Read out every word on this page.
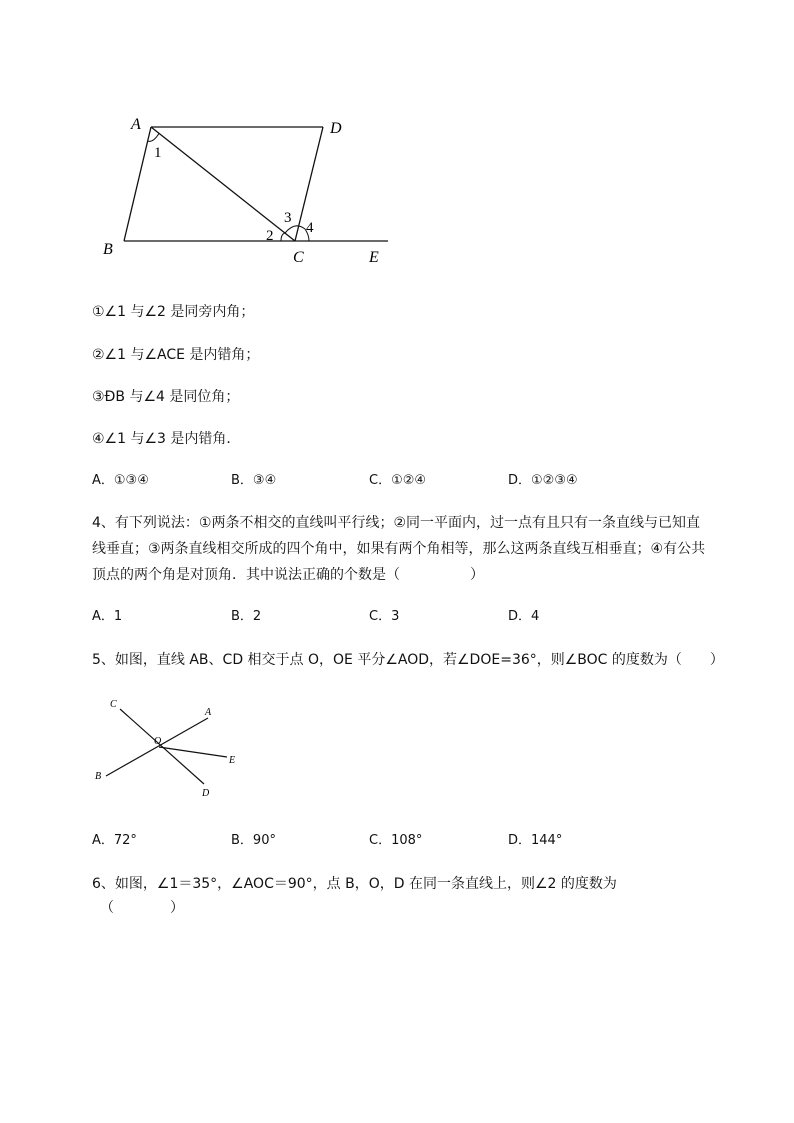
A	D
B	C	E
1
2
3
4
①∠1 与∠2 是同旁内角；
②∠1 与∠ACE 是内错角；
③ÐB 与∠4 是同位角；
④∠1 与∠3 是内错角．
A．①③④	B．③④	C．①②④	D．①②③④
4、有下列说法：①两条不相交的直线叫平行线；②同一平面内，过一点有且只有一条直线与已知直
线垂直；③两条直线相交所成的四个角中，如果有两个角相等，那么这两条直线互相垂直；④有公共
顶点的两个角是对顶角．其中说法正确的个数是（　　　　　）
A．1	B．2	C．3	D．4
5、如图，直线 AB、CD 相交于点 O，OE 平分∠AOD，若∠DOE=36°，则∠BOC 的度数为（　　）
C
A
O
E
B
D
A．72°	B．90°	C．108°	D．144°
6、如图，∠1＝35°，∠AOC＝90°，点 B，O，D 在同一条直线上，则∠2 的度数为
（　　　　）
